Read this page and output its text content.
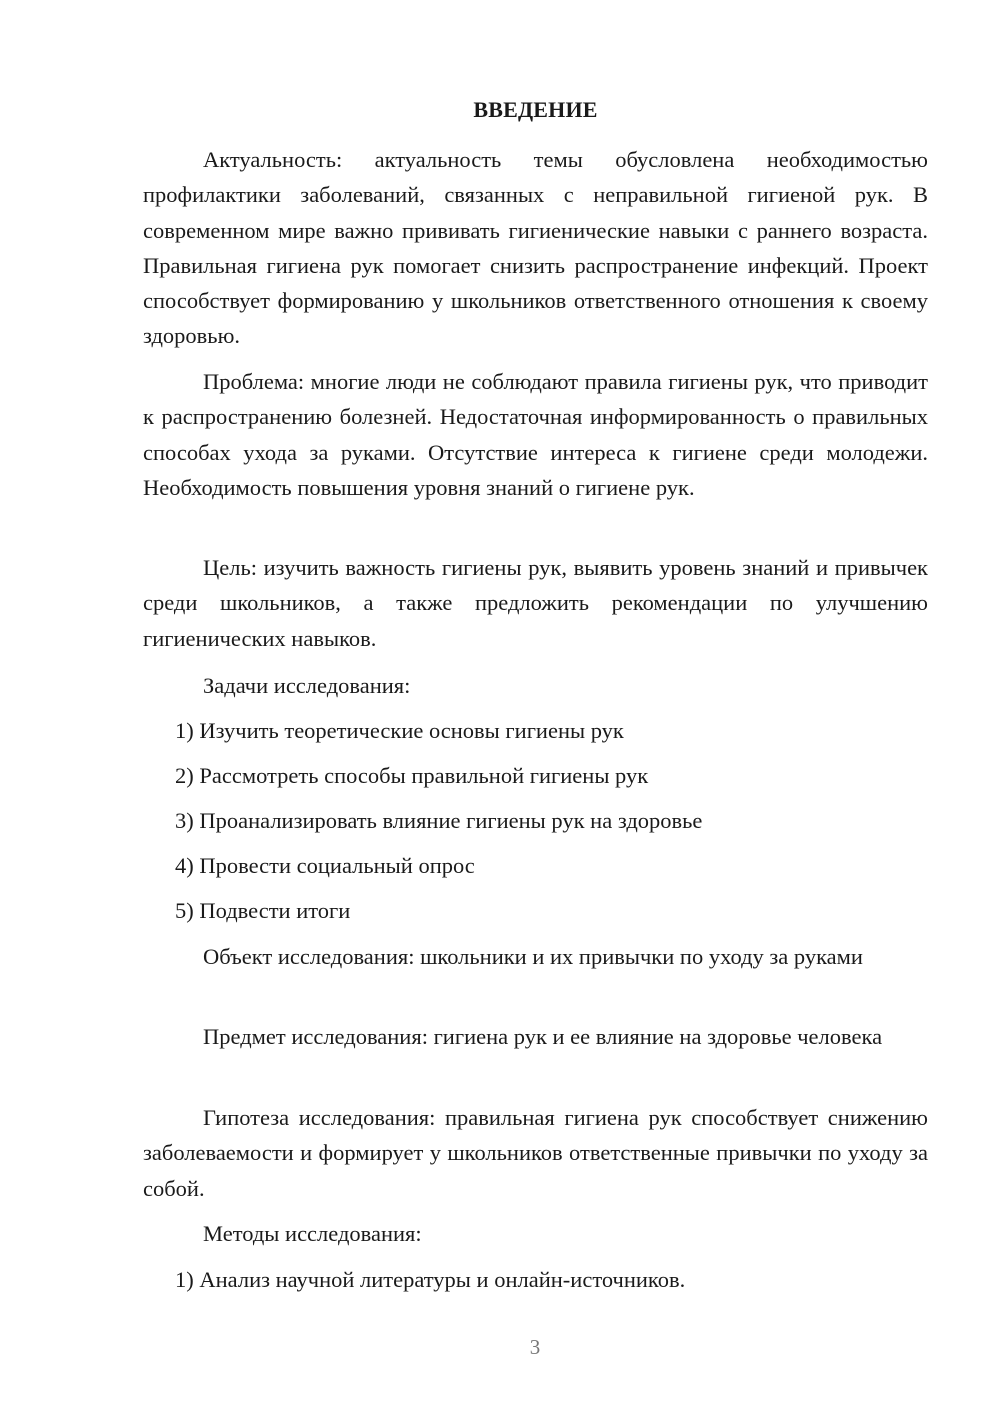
ВВЕДЕНИЕ

Актуальность: актуальность темы обусловлена необходимостью профилактики заболеваний, связанных с неправильной гигиеной рук. В современном мире важно прививать гигиенические навыки с раннего возраста. Правильная гигиена рук помогает снизить распространение инфекций. Проект способствует формированию у школьников ответственного отношения к своему здоровью.

Проблема: многие люди не соблюдают правила гигиены рук, что приводит к распространению болезней. Недостаточная информированность о правильных способах ухода за руками. Отсутствие интереса к гигиене среди молодежи. Необходимость повышения уровня знаний о гигиене рук.

Цель: изучить важность гигиены рук, выявить уровень знаний и привычек среди школьников, а также предложить рекомендации по улучшению гигиенических навыков.

Задачи исследования:

1) Изучить теоретические основы гигиены рук

2) Рассмотреть способы правильной гигиены рук

3) Проанализировать влияние гигиены рук на здоровье

4) Провести социальный опрос

5) Подвести итоги

Объект исследования: школьники и их привычки по уходу за руками

Предмет исследования: гигиена рук и ее влияние на здоровье человека

Гипотеза исследования: правильная гигиена рук способствует снижению заболеваемости и формирует у школьников ответственные привычки по уходу за собой.

Методы исследования:

1) Анализ научной литературы и онлайн-источников.

3
